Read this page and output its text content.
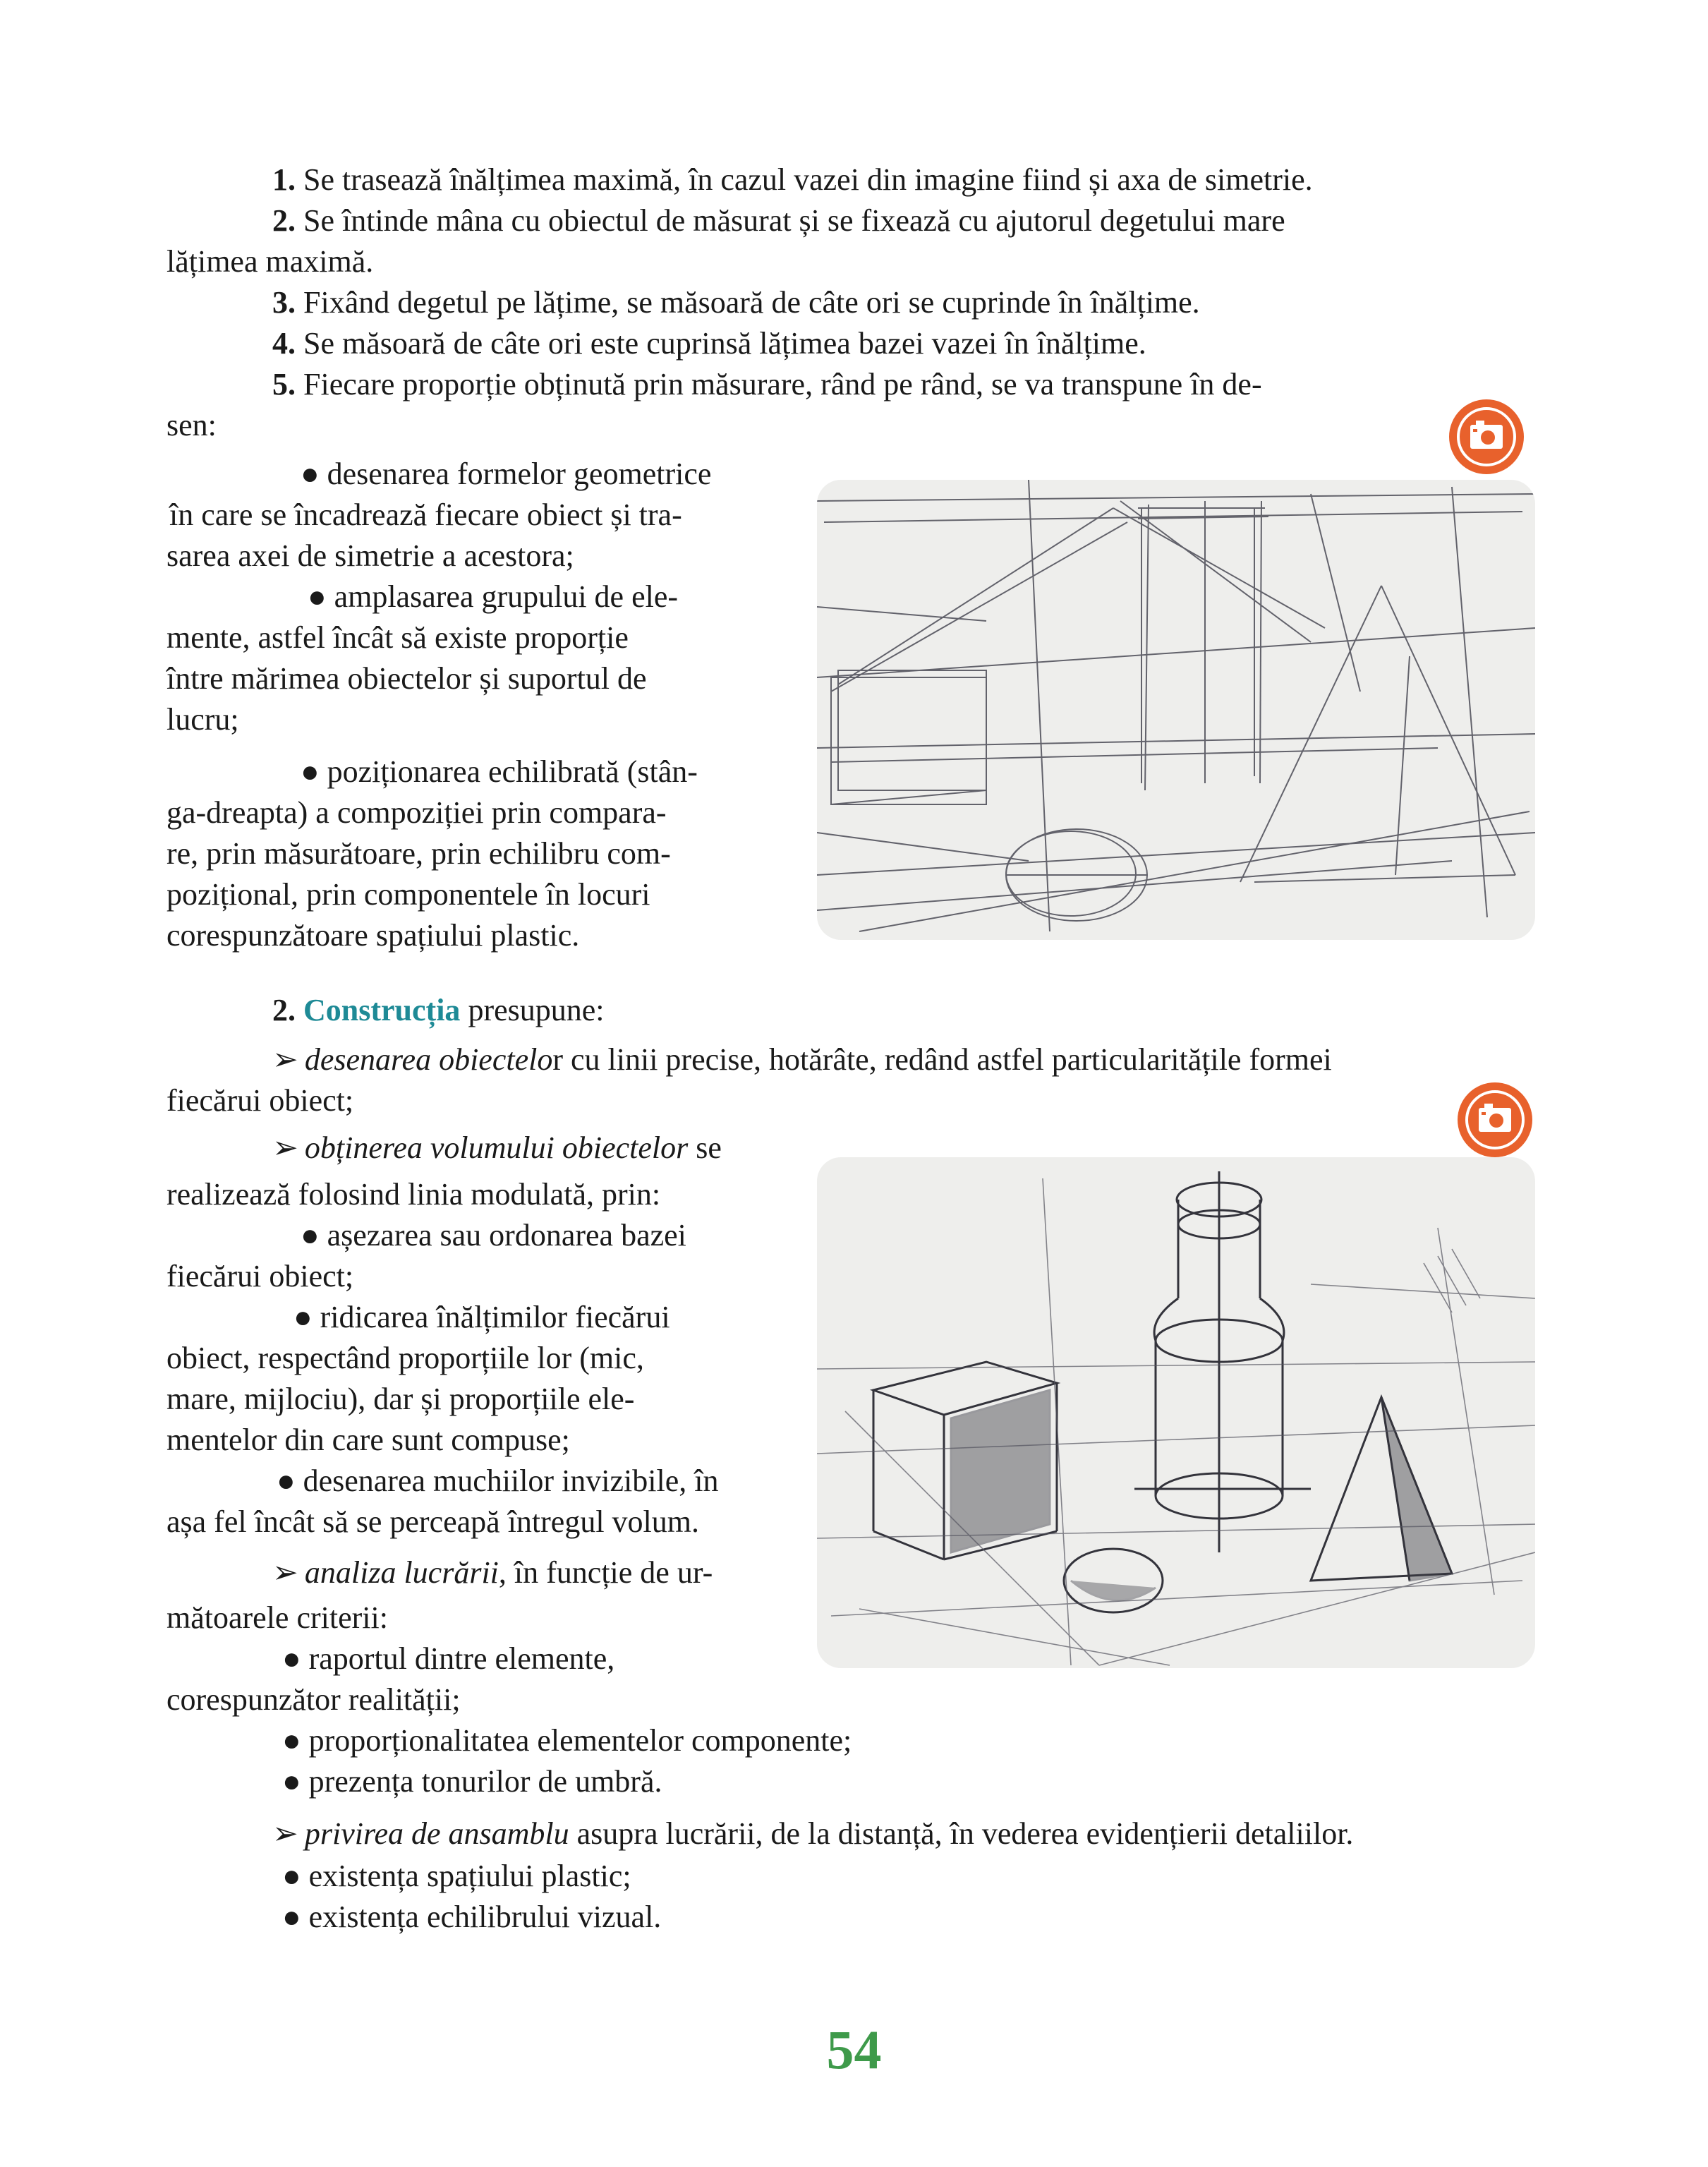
1. Se trasează înălțimea maximă, în cazul vazei din imagine fiind și axa de simetrie.
2. Se întinde mâna cu obiectul de măsurat și se fixează cu ajutorul degetului mare
lățimea maximă.
3. Fixând degetul pe lățime, se măsoară de câte ori se cuprinde în înălțime.
4. Se măsoară de câte ori este cuprinsă lățimea bazei vazei în înălțime.
5. Fiecare proporție obținută prin măsurare, rând pe rând, se va transpune în de-
sen:
● desenarea formelor geometrice
în care se încadrează fiecare obiect și tra-
sarea axei de simetrie a acestora;
● amplasarea grupului de ele-
mente, astfel încât să existe proporție
între mărimea obiectelor și suportul de
lucru;
● poziționarea echilibrată (stân-
ga-dreapta) a compoziției prin compara-
re, prin măsurătoare, prin echilibru com-
pozițional, prin componentele în locuri
corespunzătoare spațiului plastic.
2. Construcția presupune:
➢ desenarea obiectelor cu linii precise, hotărâte, redând astfel particularitățile formei
fiecărui obiect;
➢ obținerea volumului obiectelor se
realizează folosind linia modulată, prin:
● așezarea sau ordonarea bazei
fiecărui obiect;
● ridicarea înălțimilor fiecărui
obiect, respectând proporțiile lor (mic,
mare, mijlociu), dar și proporțiile ele-
mentelor din care sunt compuse;
● desenarea muchiilor invizibile, în
așa fel încât să se perceapă întregul volum.
➢ analiza lucrării, în funcție de ur-
mătoarele criterii:
● raportul dintre elemente,
corespunzător realității;
● proporționalitatea elementelor componente;
● prezența tonurilor de umbră.
➢ privirea de ansamblu asupra lucrării, de la distanță, în vederea evidențierii detaliilor.
● existența spațiului plastic;
● existența echilibrului vizual.
54
